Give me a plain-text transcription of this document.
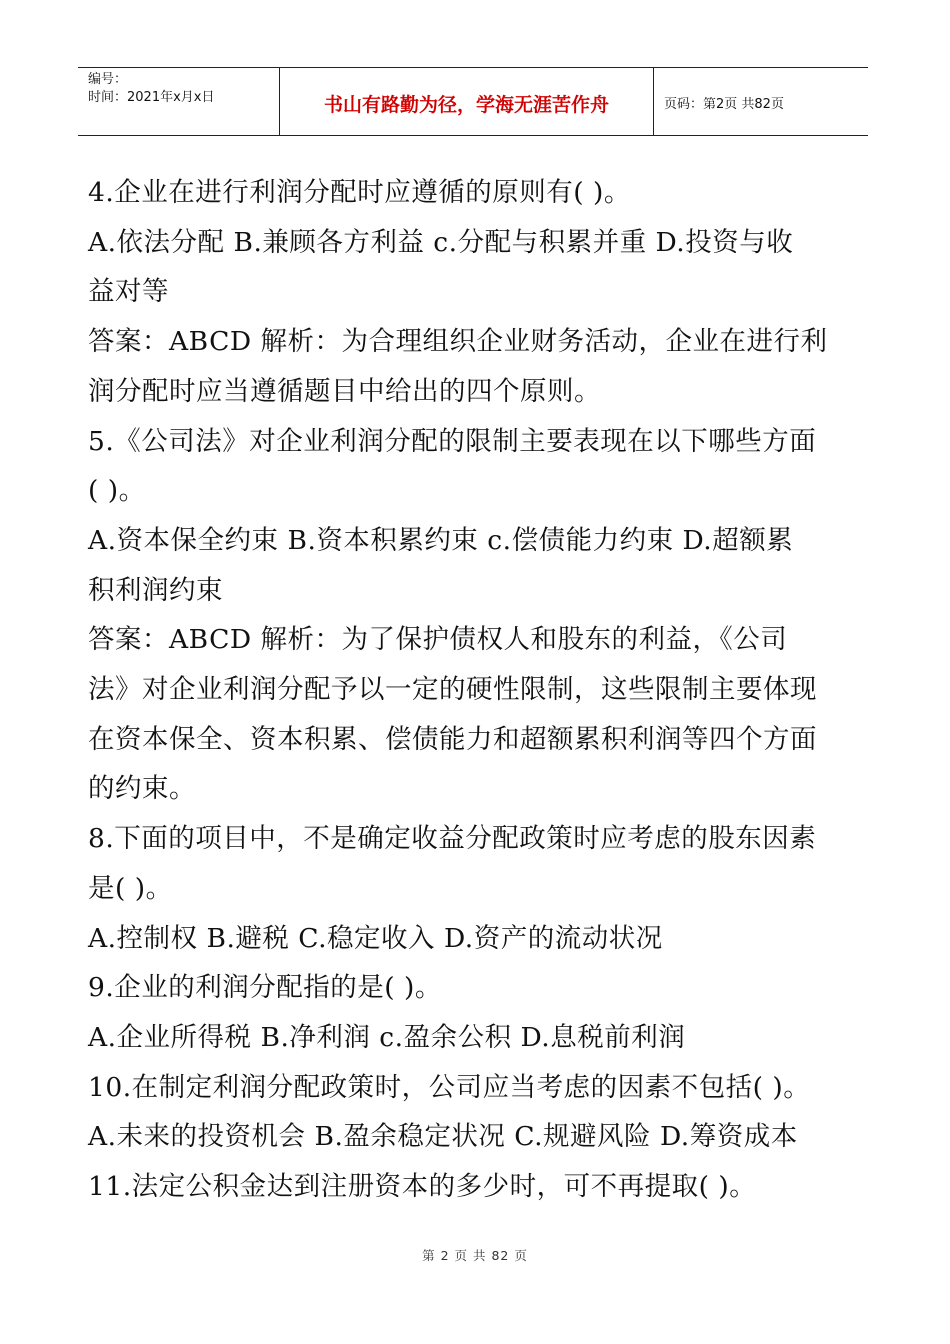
编号：
时间：2021年x月x日	书山有路勤为径，学海无涯苦作舟	页码：第2页 共82页

4.企业在进行利润分配时应遵循的原则有( )。

A.依法分配 B.兼顾各方利益 c.分配与积累并重 D.投资与收

益对等

答案：ABCD 解析：为合理组织企业财务活动，企业在进行利

润分配时应当遵循题目中给出的四个原则。

5.《公司法》对企业利润分配的限制主要表现在以下哪些方面

( )。

A.资本保全约束 B.资本积累约束 c.偿债能力约束 D.超额累

积利润约束

答案：ABCD 解析：为了保护债权人和股东的利益，《公司

法》对企业利润分配予以一定的硬性限制，这些限制主要体现

在资本保全、资本积累、偿债能力和超额累积利润等四个方面

的约束。

8.下面的项目中，不是确定收益分配政策时应考虑的股东因素

是( )。

A.控制权 B.避税 C.稳定收入 D.资产的流动状况

9.企业的利润分配指的是( )。

A.企业所得税 B.净利润 c.盈余公积 D.息税前利润

10.在制定利润分配政策时，公司应当考虑的因素不包括( )。

A.未来的投资机会 B.盈余稳定状况 C.规避风险 D.筹资成本

11.法定公积金达到注册资本的多少时，可不再提取( )。

第 2 页 共 82 页
